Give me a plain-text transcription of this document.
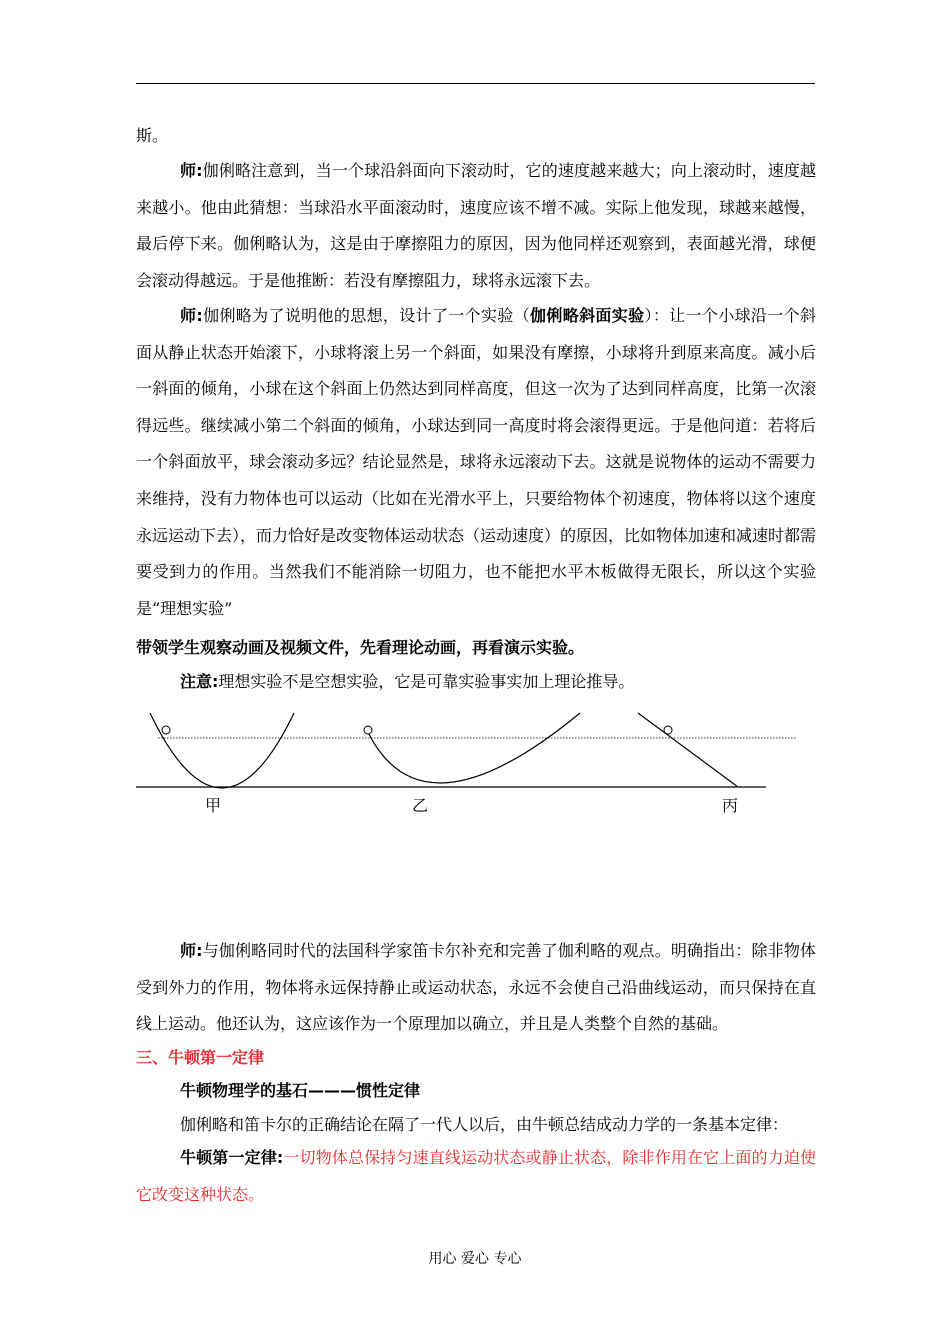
斯。

师:伽俐略注意到，当一个球沿斜面向下滚动时，它的速度越来越大；向上滚动时，速度越来越小。他由此猜想：当球沿水平面滚动时，速度应该不增不减。实际上他发现，球越来越慢，最后停下来。伽俐略认为，这是由于摩擦阻力的原因，因为他同样还观察到，表面越光滑，球便会滚动得越远。于是他推断：若没有摩擦阻力，球将永远滚下去。

师:伽俐略为了说明他的思想，设计了一个实验（伽俐略斜面实验）：让一个小球沿一个斜面从静止状态开始滚下，小球将滚上另一个斜面，如果没有摩擦，小球将升到原来高度。减小后一斜面的倾角，小球在这个斜面上仍然达到同样高度，但这一次为了达到同样高度，比第一次滚得远些。继续减小第二个斜面的倾角，小球达到同一高度时将会滚得更远。于是他问道：若将后一个斜面放平，球会滚动多远？结论显然是，球将永远滚动下去。这就是说物体的运动不需要力来维持，没有力物体也可以运动（比如在光滑水平上，只要给物体个初速度，物体将以这个速度永远运动下去），而力恰好是改变物体运动状态（运动速度）的原因，比如物体加速和减速时都需要受到力的作用。当然我们不能消除一切阻力，也不能把水平木板做得无限长，所以这个实验是“理想实验”

带领学生观察动画及视频文件，先看理论动画，再看演示实验。

注意:理想实验不是空想实验，它是可靠实验事实加上理论推导。

甲	乙	丙

师:与伽俐略同时代的法国科学家笛卡尔补充和完善了伽利略的观点。明确指出：除非物体受到外力的作用，物体将永远保持静止或运动状态，永远不会使自己沿曲线运动，而只保持在直线上运动。他还认为，这应该作为一个原理加以确立，并且是人类整个自然的基础。

三、牛顿第一定律

牛顿物理学的基石———惯性定律

伽俐略和笛卡尔的正确结论在隔了一代人以后，由牛顿总结成动力学的一条基本定律：

牛顿第一定律:一切物体总保持匀速直线运动状态或静止状态，除非作用在它上面的力迫使它改变这种状态。

用心 爱心 专心
